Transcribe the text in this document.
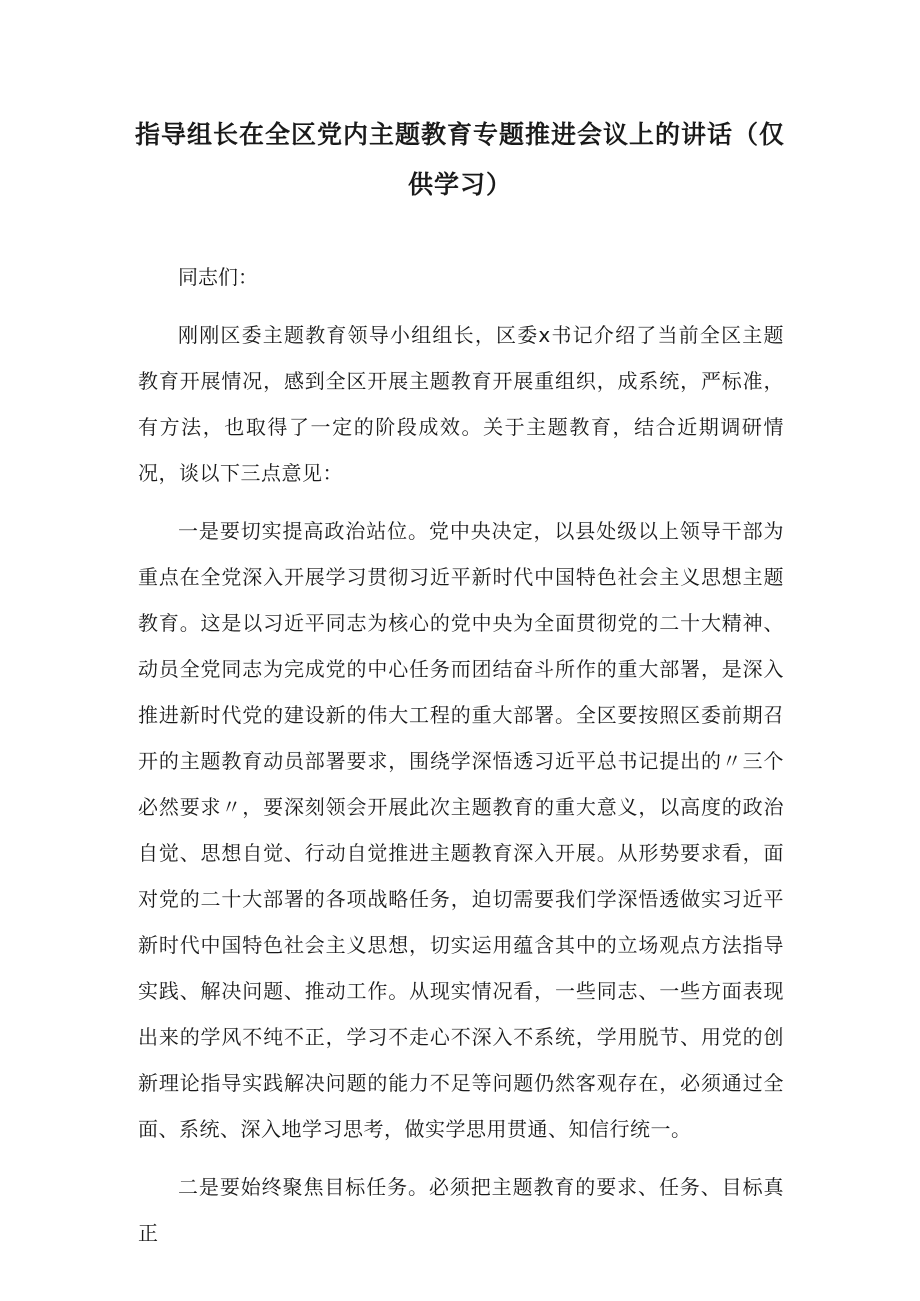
指导组长在全区党内主题教育专题推进会议上的讲话（仅供学习）

同志们：

刚刚区委主题教育领导小组组长，区委x书记介绍了当前全区主题教育开展情况，感到全区开展主题教育开展重组织，成系统，严标准，有方法，也取得了一定的阶段成效。关于主题教育，结合近期调研情况，谈以下三点意见：

一是要切实提高政治站位。党中央决定，以县处级以上领导干部为重点在全党深入开展学习贯彻习近平新时代中国特色社会主义思想主题教育。这是以习近平同志为核心的党中央为全面贯彻党的二十大精神、动员全党同志为完成党的中心任务而团结奋斗所作的重大部署，是深入推进新时代党的建设新的伟大工程的重大部署。全区要按照区委前期召开的主题教育动员部署要求，围绕学深悟透习近平总书记提出的〃三个必然要求〃，要深刻领会开展此次主题教育的重大意义，以高度的政治自觉、思想自觉、行动自觉推进主题教育深入开展。从形势要求看，面对党的二十大部署的各项战略任务，迫切需要我们学深悟透做实习近平新时代中国特色社会主义思想，切实运用蕴含其中的立场观点方法指导实践、解决问题、推动工作。从现实情况看，一些同志、一些方面表现出来的学风不纯不正，学习不走心不深入不系统，学用脱节、用党的创新理论指导实践解决问题的能力不足等问题仍然客观存在，必须通过全面、系统、深入地学习思考，做实学思用贯通、知信行统一。

二是要始终聚焦目标任务。必须把主题教育的要求、任务、目标真正
